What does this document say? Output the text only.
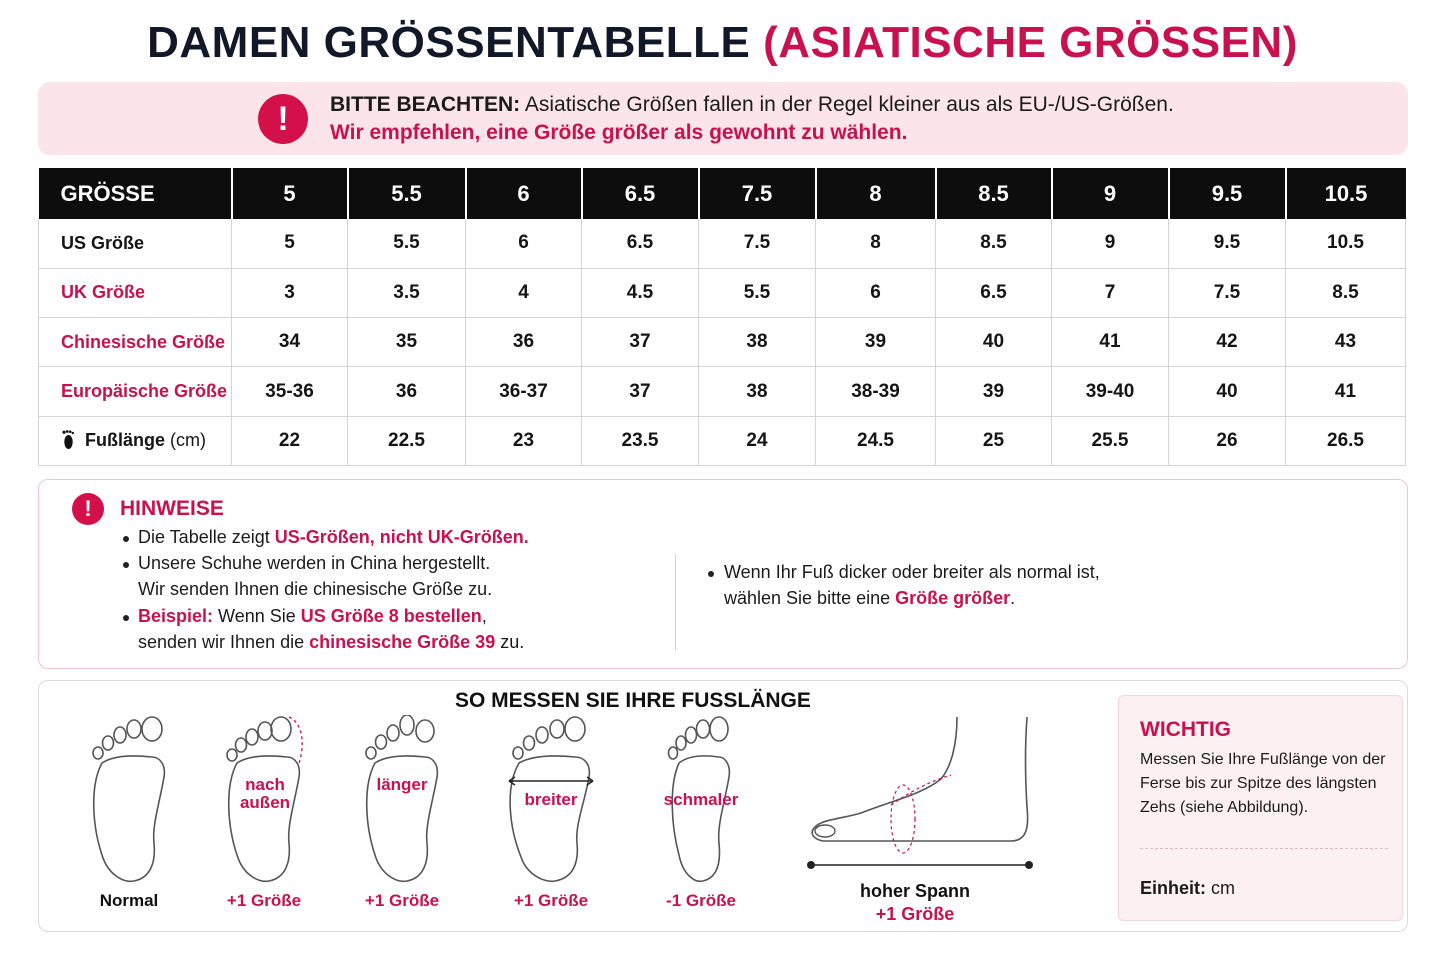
DAMEN GRÖSSENTABELLE (ASIATISCHE GRÖSSEN)
!	BITTE BEACHTEN: Asiatische Größen fallen in der Regel kleiner aus als EU-/US-Größen.
Wir empfehlen, eine Größe größer als gewohnt zu wählen.
GRÖSSE	5	5.5	6	6.5	7.5	8	8.5	9	9.5	10.5
US Größe	5	5.5	6	6.5	7.5	8	8.5	9	9.5	10.5
UK Größe	3	3.5	4	4.5	5.5	6	6.5	7	7.5	8.5
Chinesische Größe	34	35	36	37	38	39	40	41	42	43
Europäische Größe	35-36	36	36-37	37	38	38-39	39	39-40	40	41
Fußlänge (cm)	22	22.5	23	23.5	24	24.5	25	25.5	26	26.5
!	HINWEISE
Die Tabelle zeigt US-Größen, nicht UK-Größen.
Unsere Schuhe werden in China hergestellt.
Wir senden Ihnen die chinesische Größe zu.
Beispiel: Wenn Sie US Größe 8 bestellen,
senden wir Ihnen die chinesische Größe 39 zu.
Wenn Ihr Fuß dicker oder breiter als normal ist,
wählen Sie bitte eine Größe größer.
SO MESSEN SIE IHRE FUSSLÄNGE
Normal
nach
außen
+1 Größe
länger
+1 Größe
breiter
+1 Größe
schmaler
-1 Größe	hoher Spann
+1 Größe
WICHTIG
Messen Sie Ihre Fußlänge von der Ferse bis zur Spitze des längsten Zehs (siehe Abbildung).
Einheit: cm
